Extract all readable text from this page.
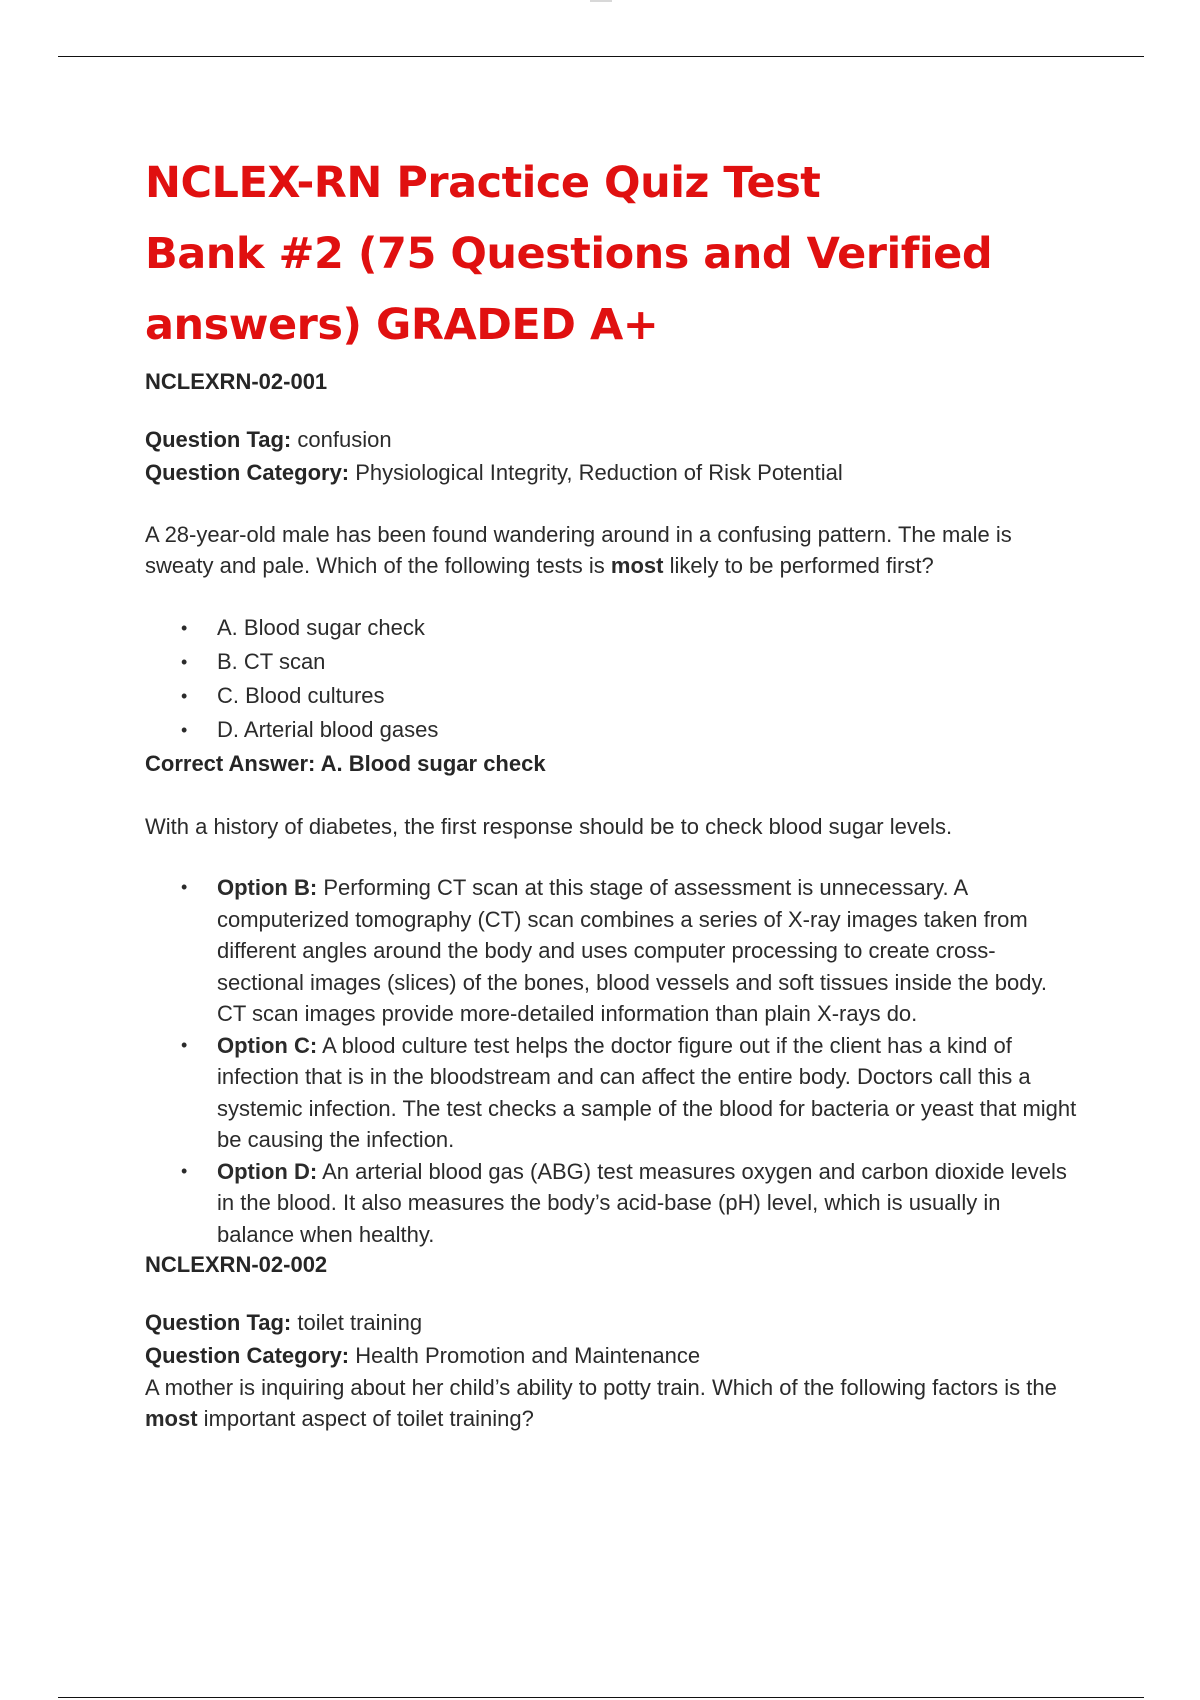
NCLEX-RN Practice Quiz Test
Bank #2 (75 Questions and Verified
answers) GRADED A+

NCLEXRN-02-001

Question Tag: confusion

Question Category: Physiological Integrity, Reduction of Risk Potential

A 28-year-old male has been found wandering around in a confusing pattern. The male is sweaty and pale. Which of the following tests is most likely to be performed first?

• A. Blood sugar check
• B. CT scan
• C. Blood cultures
• D. Arterial blood gases

Correct Answer: A. Blood sugar check

With a history of diabetes, the first response should be to check blood sugar levels.

• Option B: Performing CT scan at this stage of assessment is unnecessary. A computerized tomography (CT) scan combines a series of X-ray images taken from different angles around the body and uses computer processing to create cross-sectional images (slices) of the bones, blood vessels and soft tissues inside the body. CT scan images provide more-detailed information than plain X-rays do.
• Option C: A blood culture test helps the doctor figure out if the client has a kind of infection that is in the bloodstream and can affect the entire body. Doctors call this a systemic infection. The test checks a sample of the blood for bacteria or yeast that might be causing the infection.
• Option D: An arterial blood gas (ABG) test measures oxygen and carbon dioxide levels in the blood. It also measures the body’s acid-base (pH) level, which is usually in balance when healthy.

NCLEXRN-02-002

Question Tag: toilet training

Question Category: Health Promotion and Maintenance

A mother is inquiring about her child’s ability to potty train. Which of the following factors is the most important aspect of toilet training?
